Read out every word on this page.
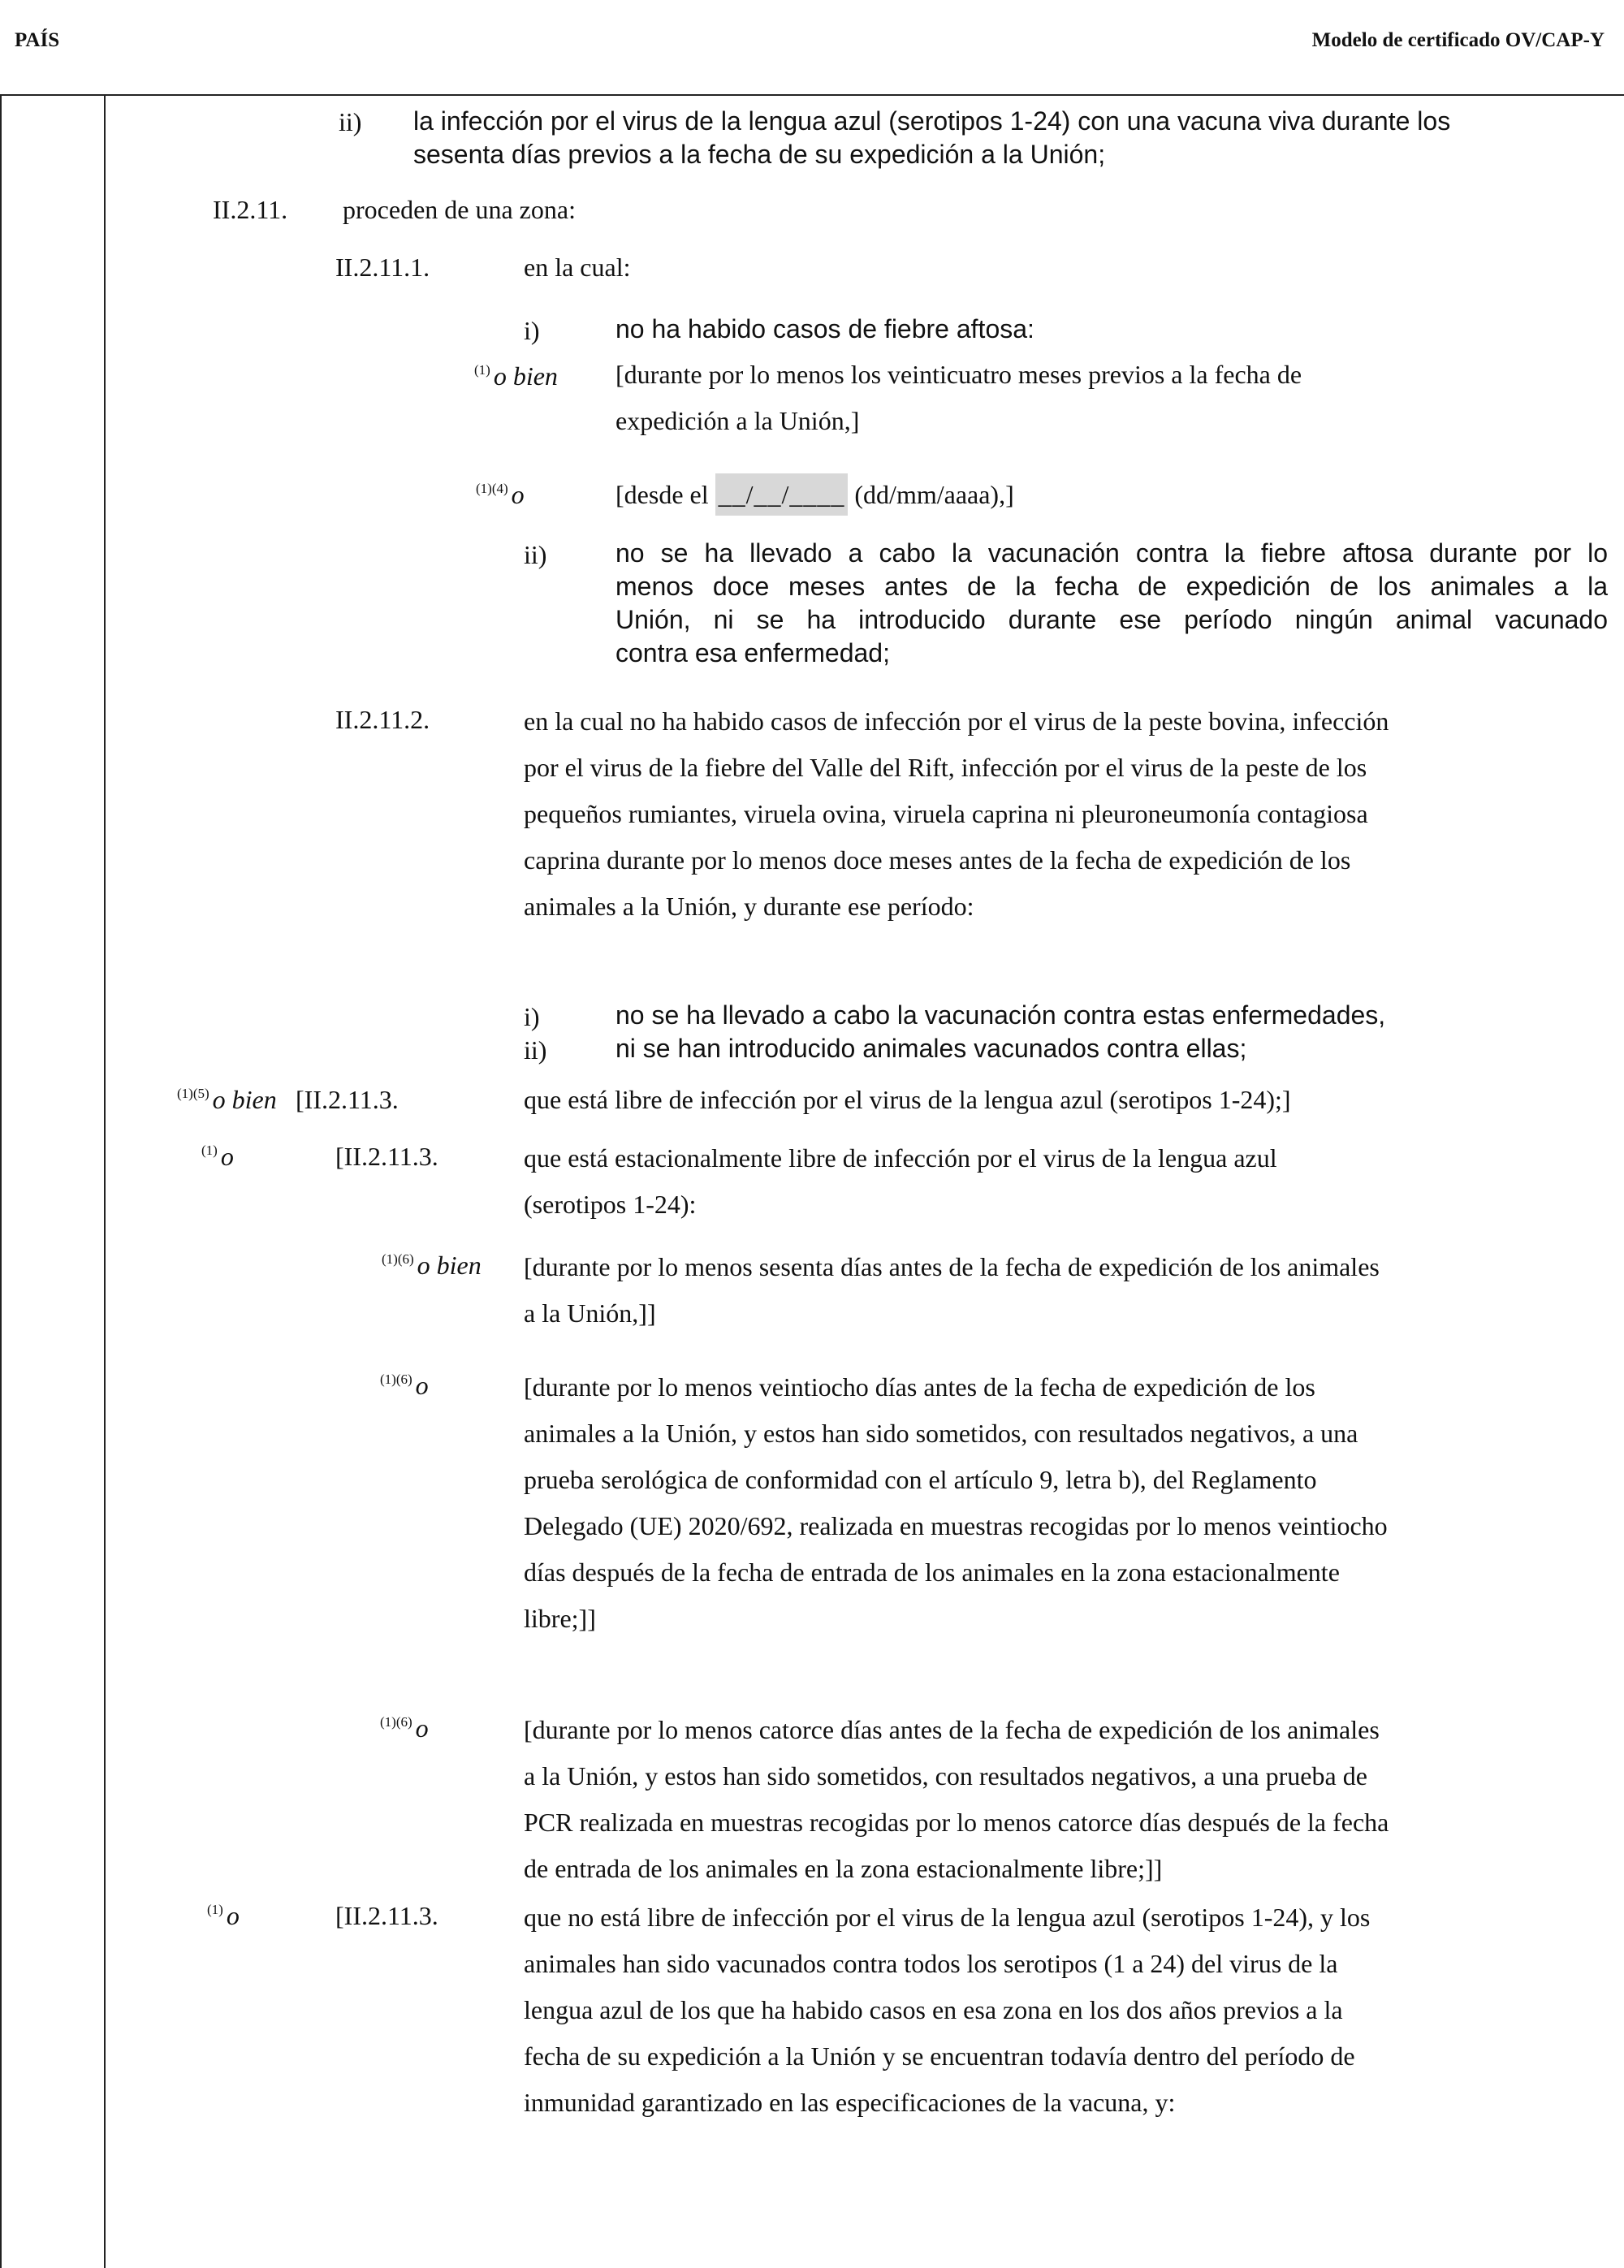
PAÍS	Modelo de certificado OV/CAP-Y
ii) la infección por el virus de la lengua azul (serotipos 1-24) con una vacuna viva durante los
sesenta días previos a la fecha de su expedición a la Unión;
II.2.11. proceden de una zona:
II.2.11.1.	en la cual:
i)	no ha habido casos de fiebre aftosa:
$^{(1)}$ o bien [durante por lo menos los veinticuatro meses previos a la fecha de
expedición a la Unión,]
$^{(1)(4)}$ o	[desde el __/__/____ (dd/mm/aaaa),]
ii)	no se ha llevado a cabo la vacunación contra la fiebre aftosa durante por lo
menos doce meses antes de la fecha de expedición de los animales a la
Unión, ni se ha introducido durante ese período ningún animal vacunado
contra esa enfermedad;
II.2.11.2.	en la cual no ha habido casos de infección por el virus de la peste bovina, infección
por el virus de la fiebre del Valle del Rift, infección por el virus de la peste de los
pequeños rumiantes, viruela ovina, viruela caprina ni pleuroneumonía contagiosa
caprina durante por lo menos doce meses antes de la fecha de expedición de los
animales a la Unión, y durante ese período:
i)	no se ha llevado a cabo la vacunación contra estas enfermedades,
ii)	ni se han introducido animales vacunados contra ellas;
$^{(1)(5)}$ o bien [II.2.11.3.	que está libre de infección por el virus de la lengua azul (serotipos 1-24);]
$^{(1)}$ o	[II.2.11.3.	que está estacionalmente libre de infección por el virus de la lengua azul
(serotipos 1-24):
$^{(1)(6)}$ o bien [durante por lo menos sesenta días antes de la fecha de expedición de los animales
a la Unión,]]
$^{(1)(6)}$ o	[durante por lo menos veintiocho días antes de la fecha de expedición de los
animales a la Unión, y estos han sido sometidos, con resultados negativos, a una
prueba serológica de conformidad con el artículo 9, letra b), del Reglamento
Delegado (UE) 2020/692, realizada en muestras recogidas por lo menos veintiocho
días después de la fecha de entrada de los animales en la zona estacionalmente
libre;]]
$^{(1)(6)}$ o	[durante por lo menos catorce días antes de la fecha de expedición de los animales
a la Unión, y estos han sido sometidos, con resultados negativos, a una prueba de
PCR realizada en muestras recogidas por lo menos catorce días después de la fecha
de entrada de los animales en la zona estacionalmente libre;]]
$^{(1)}$ o	[II.2.11.3.	que no está libre de infección por el virus de la lengua azul (serotipos 1-24), y los
animales han sido vacunados contra todos los serotipos (1 a 24) del virus de la
lengua azul de los que ha habido casos en esa zona en los dos años previos a la
fecha de su expedición a la Unión y se encuentran todavía dentro del período de
inmunidad garantizado en las especificaciones de la vacuna, y:
